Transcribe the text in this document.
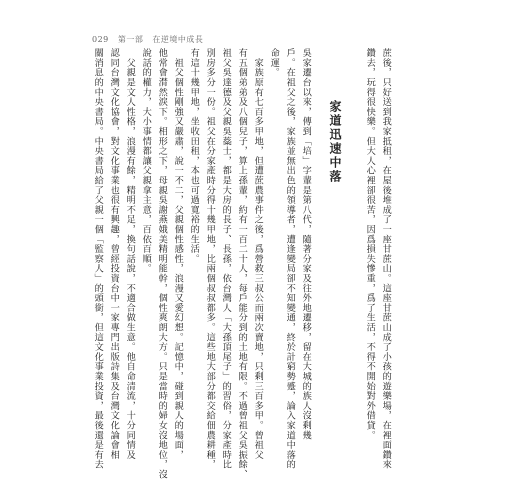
029 第一部 在逆境中成長
蔗後，只好送到我家抵租，在屋後堆成了一座甘蔗山。這座甘蔗山成了小孩的遊樂場，在裡面鑽來
鑽去，玩得很快樂。但大人心裡卻很苦，因爲損失慘重，爲了生活，不得不開始對外借貸。
家道迅速中落
吳家遷台以來，傳到「培」字輩是第八代，隨著分家及往外地遷移，留在大城的族人沒剩幾
戶。在祖父之後，家族並無出色的領導者，遭逢變局卻不知變通，終於計窮勢蹙，論入家道中落的
命運。
　家族原有七百多甲地，但遭蔗農事件之後，爲營救三叔公而兩次賣地，只剩三百多甲。曾祖父
有五個弟弟及八個兒子，算上孫輩，約有一百二十人，每戶能分到的土地有限。不過曾祖父吳振餘、
祖父吳達德及父親吳蘂士，都是大房的長子、長孫，依台灣人「大孫頂尾子」的習俗，分家產時比
別房多分一份。祖父在分家產時分得十幾甲地，比兩個叔叔都多。這些地大部分都交給佃農耕種，
有這十幾甲地，坐收田租，本也可過寬裕的生活。
　祖父個性剛強又嚴肅，說一不二，父親個性感性，浪漫又愛幻想。記憶中，碰到親人的場面，
他常會潸然淚下。相形之下，母親吳謝燕娥美精明能幹，個性爽朗大方。只是當時的婦女沒地位，沒
說話的權力，大小事情都讓父親拿主意，百依百順。
　父親是文人性格，浪漫有餘，精明不足，換句話說，不適合做生意。他自命清流，十分同情及
認同台灣文化協會，對文化事業也很有興趣，曾經投資台中一家專門出版詩集及台灣文化論會相
關消息的中央書局。中央書局給了父親一個「監察人」的頭銜，但這文化事業投資，最後還是有去
